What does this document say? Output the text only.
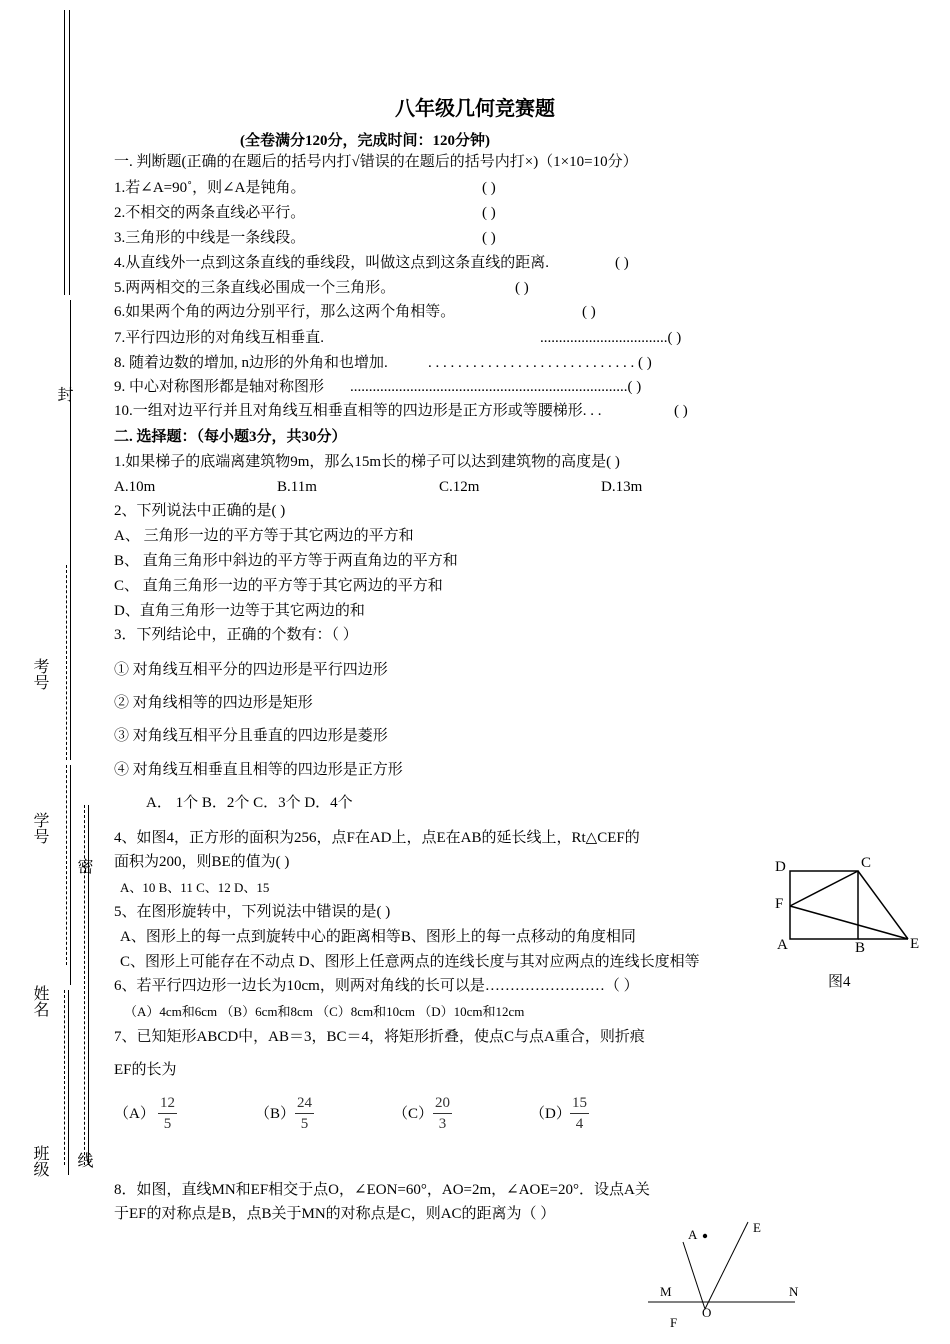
封
考号
学号
密
姓名
班级 线
八年级几何竞赛题
(全卷满分120分，完成时间：120分钟)
一. 判断题(正确的在题后的括号内打√错误的在题后的括号内打×)（1×10=10分）
1.若∠A=90˚，则∠A是钝角。	( )
2.不相交的两条直线必平行。	( )
3.三角形的中线是一条线段。	( )
4.从直线外一点到这条直线的垂线段，叫做这点到这条直线的距离.	( )
5.两两相交的三条直线必围成一个三角形。	( )
6.如果两个角的两边分别平行，那么这两个角相等。	( )
7.平行四边形的对角线互相垂直.	..................................( )
8. 随着边数的增加, n边形的外角和也增加.	. . . . . . . . . . . . . . . . . . . . . . . . . . . . ( )
9. 中心对称图形都是轴对称图形 ..........................................................................( )
10.一组对边平行并且对角线互相垂直相等的四边形是正方形或等腰梯形. . .	( )
二. 选择题：（每小题3分，共30分）
1.如果梯子的底端离建筑物9m，那么15m长的梯子可以达到建筑物的高度是( )
A.10m	B.11m	C.12m	D.13m
2、下列说法中正确的是( )
A、 三角形一边的平方等于其它两边的平方和
B、 直角三角形中斜边的平方等于两直角边的平方和
C、 直角三角形一边的平方等于其它两边的平方和
D、直角三角形一边等于其它两边的和
3．下列结论中，正确的个数有：（ ）
① 对角线互相平分的四边形是平行四边形
② 对角线相等的四边形是矩形
③ 对角线互相平分且垂直的四边形是菱形
④ 对角线互相垂直且相等的四边形是正方形
A． 1个 B．2个 C．3个 D．4个
4、如图4，正方形的面积为256，点F在AD上，点E在AB的延长线上，Rt△CEF的
面积为200，则BE的值为( )
A、10 B、11 C、12 D、15
5、在图形旋转中，下列说法中错误的是( )
A、图形上的每一点到旋转中心的距离相等B、图形上的每一点移动的角度相同
C、图形上可能存在不动点 D、图形上任意两点的连线长度与其对应两点的连线长度相等
6、若平行四边形一边长为10cm，则两对角线的长可以是……………………（ ）
（A）4cm和6cm （B）6cm和8cm （C）8cm和10cm （D）10cm和12cm
7、已知矩形ABCD中，AB＝3，BC＝4，将矩形折叠，使点C与点A重合，则折痕
EF的长为
$(A) \frac{12}{5}$	$(B) \frac{24}{5}$	$(C) \frac{20}{3}$	$(D) \frac{15}{4}$
8．如图，直线MN和EF相交于点O，∠EON=60°，AO=2m，∠AOE=20°．设点A关
于EF的对称点是B，点B关于MN的对称点是C，则AC的距离为（ ）
D	C
F
A	B	E
图4
A	E
M	N
O
F
